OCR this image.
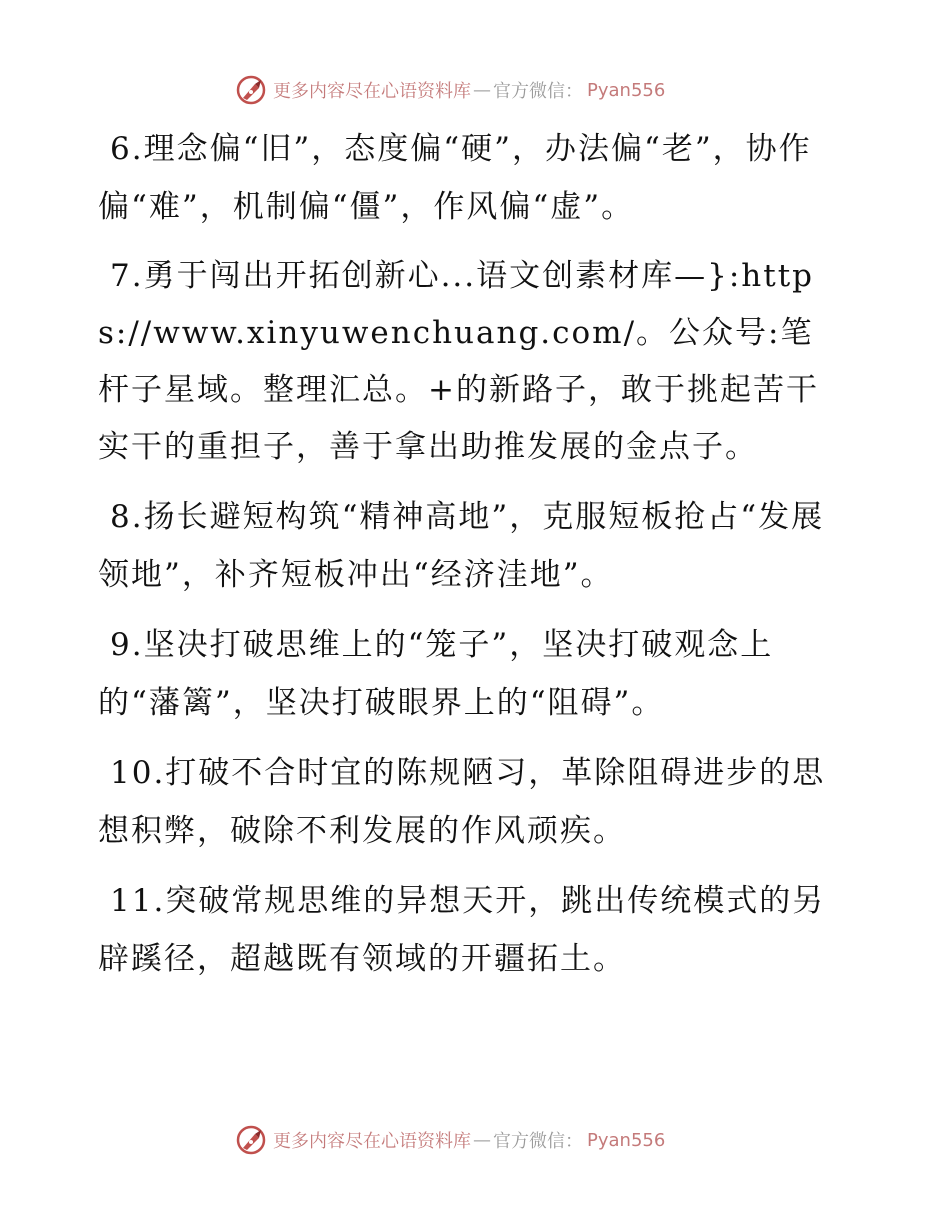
更多内容尽在心语资料库 — 官方微信： Pyan556

6.理念偏“旧”，态度偏“硬”，办法偏“老”，协作偏“难”，机制偏“僵”，作风偏“虚”。

7.勇于闯出开拓创新心...语文创素材库—}:https://www.xinyuwenchuang.com/。公众号:笔杆子星域。整理汇总。+的新路子，敢于挑起苦干实干的重担子，善于拿出助推发展的金点子。

8.扬长避短构筑“精神高地”，克服短板抢占“发展领地”，补齐短板冲出“经济洼地”。

9.坚决打破思维上的“笼子”，坚决打破观念上的“藩篱”，坚决打破眼界上的“阻碍”。

10.打破不合时宜的陈规陋习，革除阻碍进步的思想积弊，破除不利发展的作风顽疾。

11.突破常规思维的异想天开，跳出传统模式的另辟蹊径，超越既有领域的开疆拓土。

更多内容尽在心语资料库 — 官方微信： Pyan556
